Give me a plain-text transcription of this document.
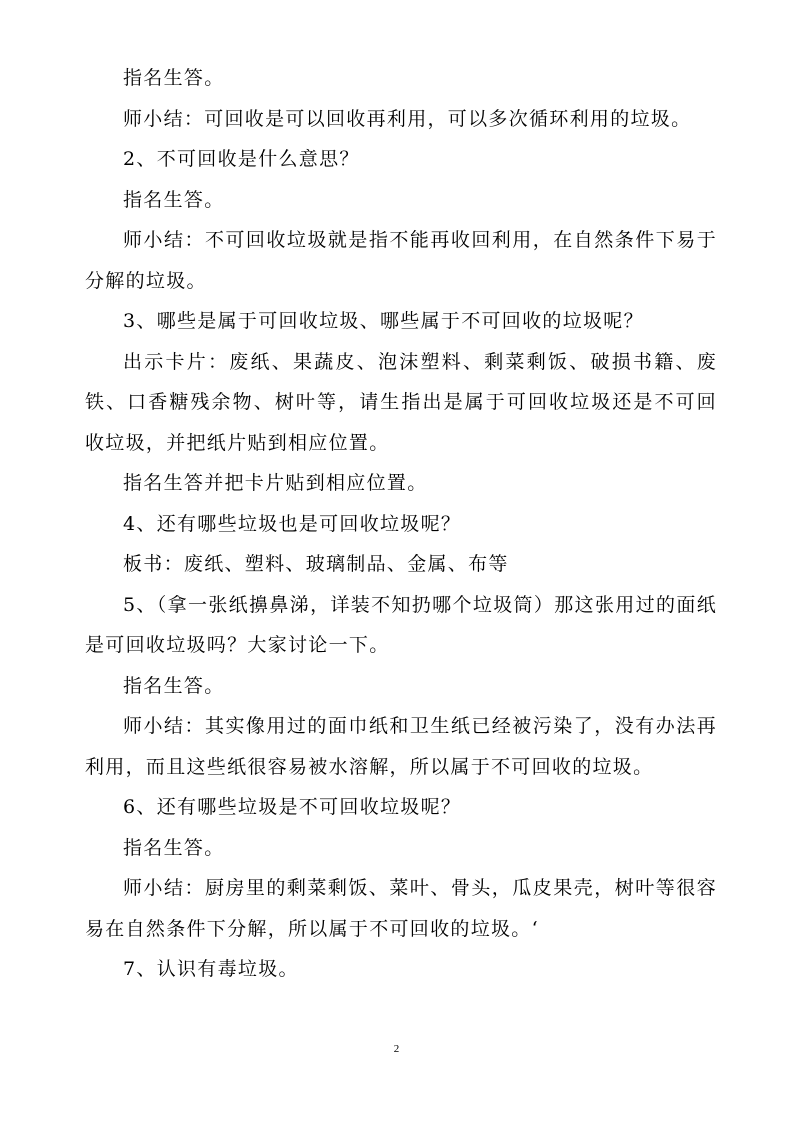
指名生答。

师小结：可回收是可以回收再利用，可以多次循环利用的垃圾。

2、不可回收是什么意思？

指名生答。

师小结：不可回收垃圾就是指不能再收回利用，在自然条件下易于分解的垃圾。

3、哪些是属于可回收垃圾、哪些属于不可回收的垃圾呢？

出示卡片：废纸、果蔬皮、泡沫塑料、剩菜剩饭、破损书籍、废铁、口香糖残余物、树叶等，请生指出是属于可回收垃圾还是不可回  收垃圾，并把纸片贴到相应位置。

指名生答并把卡片贴到相应位置。

4、还有哪些垃圾也是可回收垃圾呢？

板书：废纸、塑料、玻璃制品、金属、布等

5、（拿一张纸擤鼻涕，详装不知扔哪个垃圾筒）那这张用过的面纸是可回收垃圾吗？大家讨论一下。

指名生答。

师小结：其实像用过的面巾纸和卫生纸已经被污染了，没有办法再利用，而且这些纸很容易被水溶解，所以属于不可回收的垃圾。

6、还有哪些垃圾是不可回收垃圾呢？

指名生答。

师小结：厨房里的剩菜剩饭、菜叶、骨头，瓜皮果壳，树叶等很容易在自然条件下分解，所以属于不可回收的垃圾。‘

7、认识有毒垃圾。

2
